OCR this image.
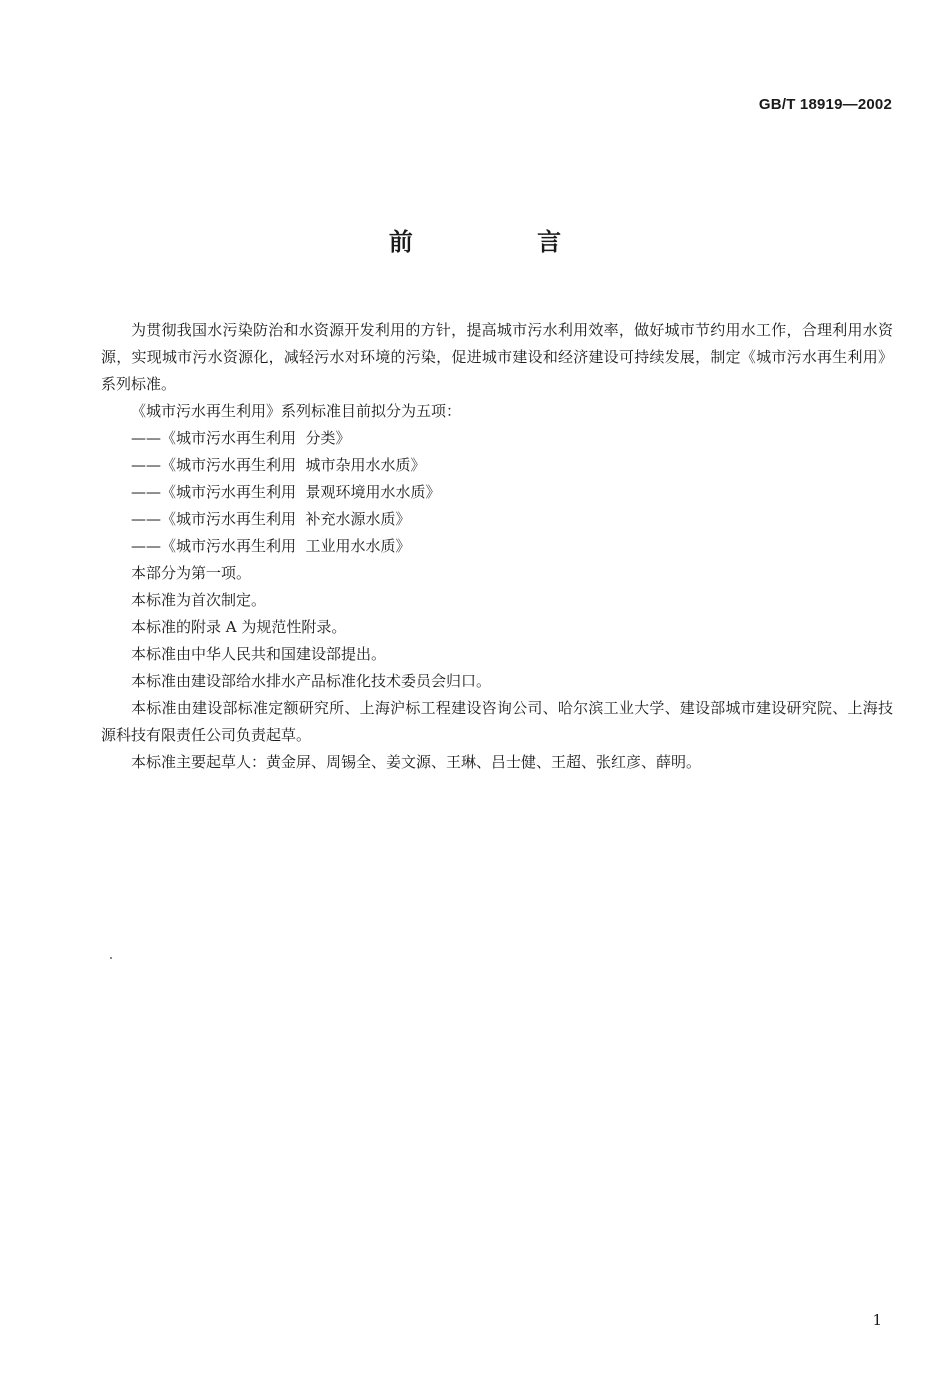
GB/T 18919—2002
前 言

为贯彻我国水污染防治和水资源开发利用的方针，提高城市污水利用效率，做好城市节约用水工作，合理利用水资源，实现城市污水资源化，减轻污水对环境的污染，促进城市建设和经济建设可持续发展，制定《城市污水再生利用》系列标准。

《城市污水再生利用》系列标准目前拟分为五项：

——《城市污水再生利用  分类》

——《城市污水再生利用  城市杂用水水质》

——《城市污水再生利用  景观环境用水水质》

——《城市污水再生利用  补充水源水质》

——《城市污水再生利用  工业用水水质》

本部分为第一项。

本标准为首次制定。

本标准的附录 A 为规范性附录。

本标准由中华人民共和国建设部提出。

本标准由建设部给水排水产品标准化技术委员会归口。

本标准由建设部标准定额研究所、上海沪标工程建设咨询公司、哈尔滨工业大学、建设部城市建设研究院、上海技源科技有限责任公司负责起草。

本标准主要起草人：黄金屏、周锡全、姜文源、王琳、吕士健、王超、张红彦、薛明。

1
